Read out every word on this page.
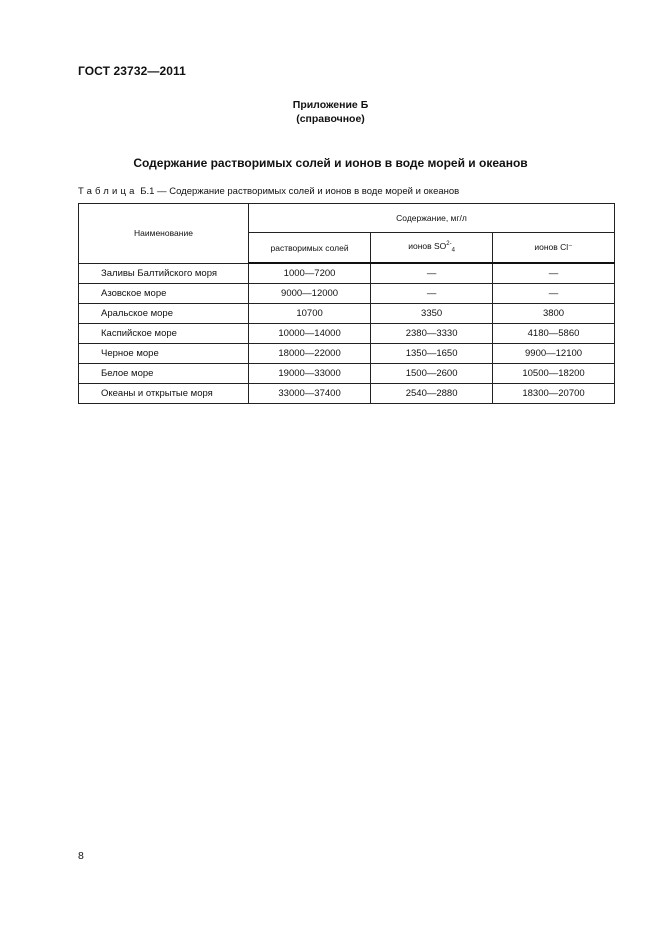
ГОСТ 23732—2011
Приложение Б
(справочное)
Содержание растворимых солей и ионов в воде морей и океанов
Таблица Б.1 — Содержание растворимых солей и ионов в воде морей и океанов
Наименование	Содержание, мг/л		
	растворимых солей	ионов $SO^{2-}_4$	ионов Cl⁻
Заливы Балтийского моря	1000—7200	—	—
Азовское море	9000—12000	—	—
Аральское море	10700	3350	3800
Каспийское море	10000—14000	2380—3330	4180—5860
Черное море	18000—22000	1350—1650	9900—12100
Белое море	19000—33000	1500—2600	10500—18200
Океаны и открытые моря	33000—37400	2540—2880	18300—20700
8
